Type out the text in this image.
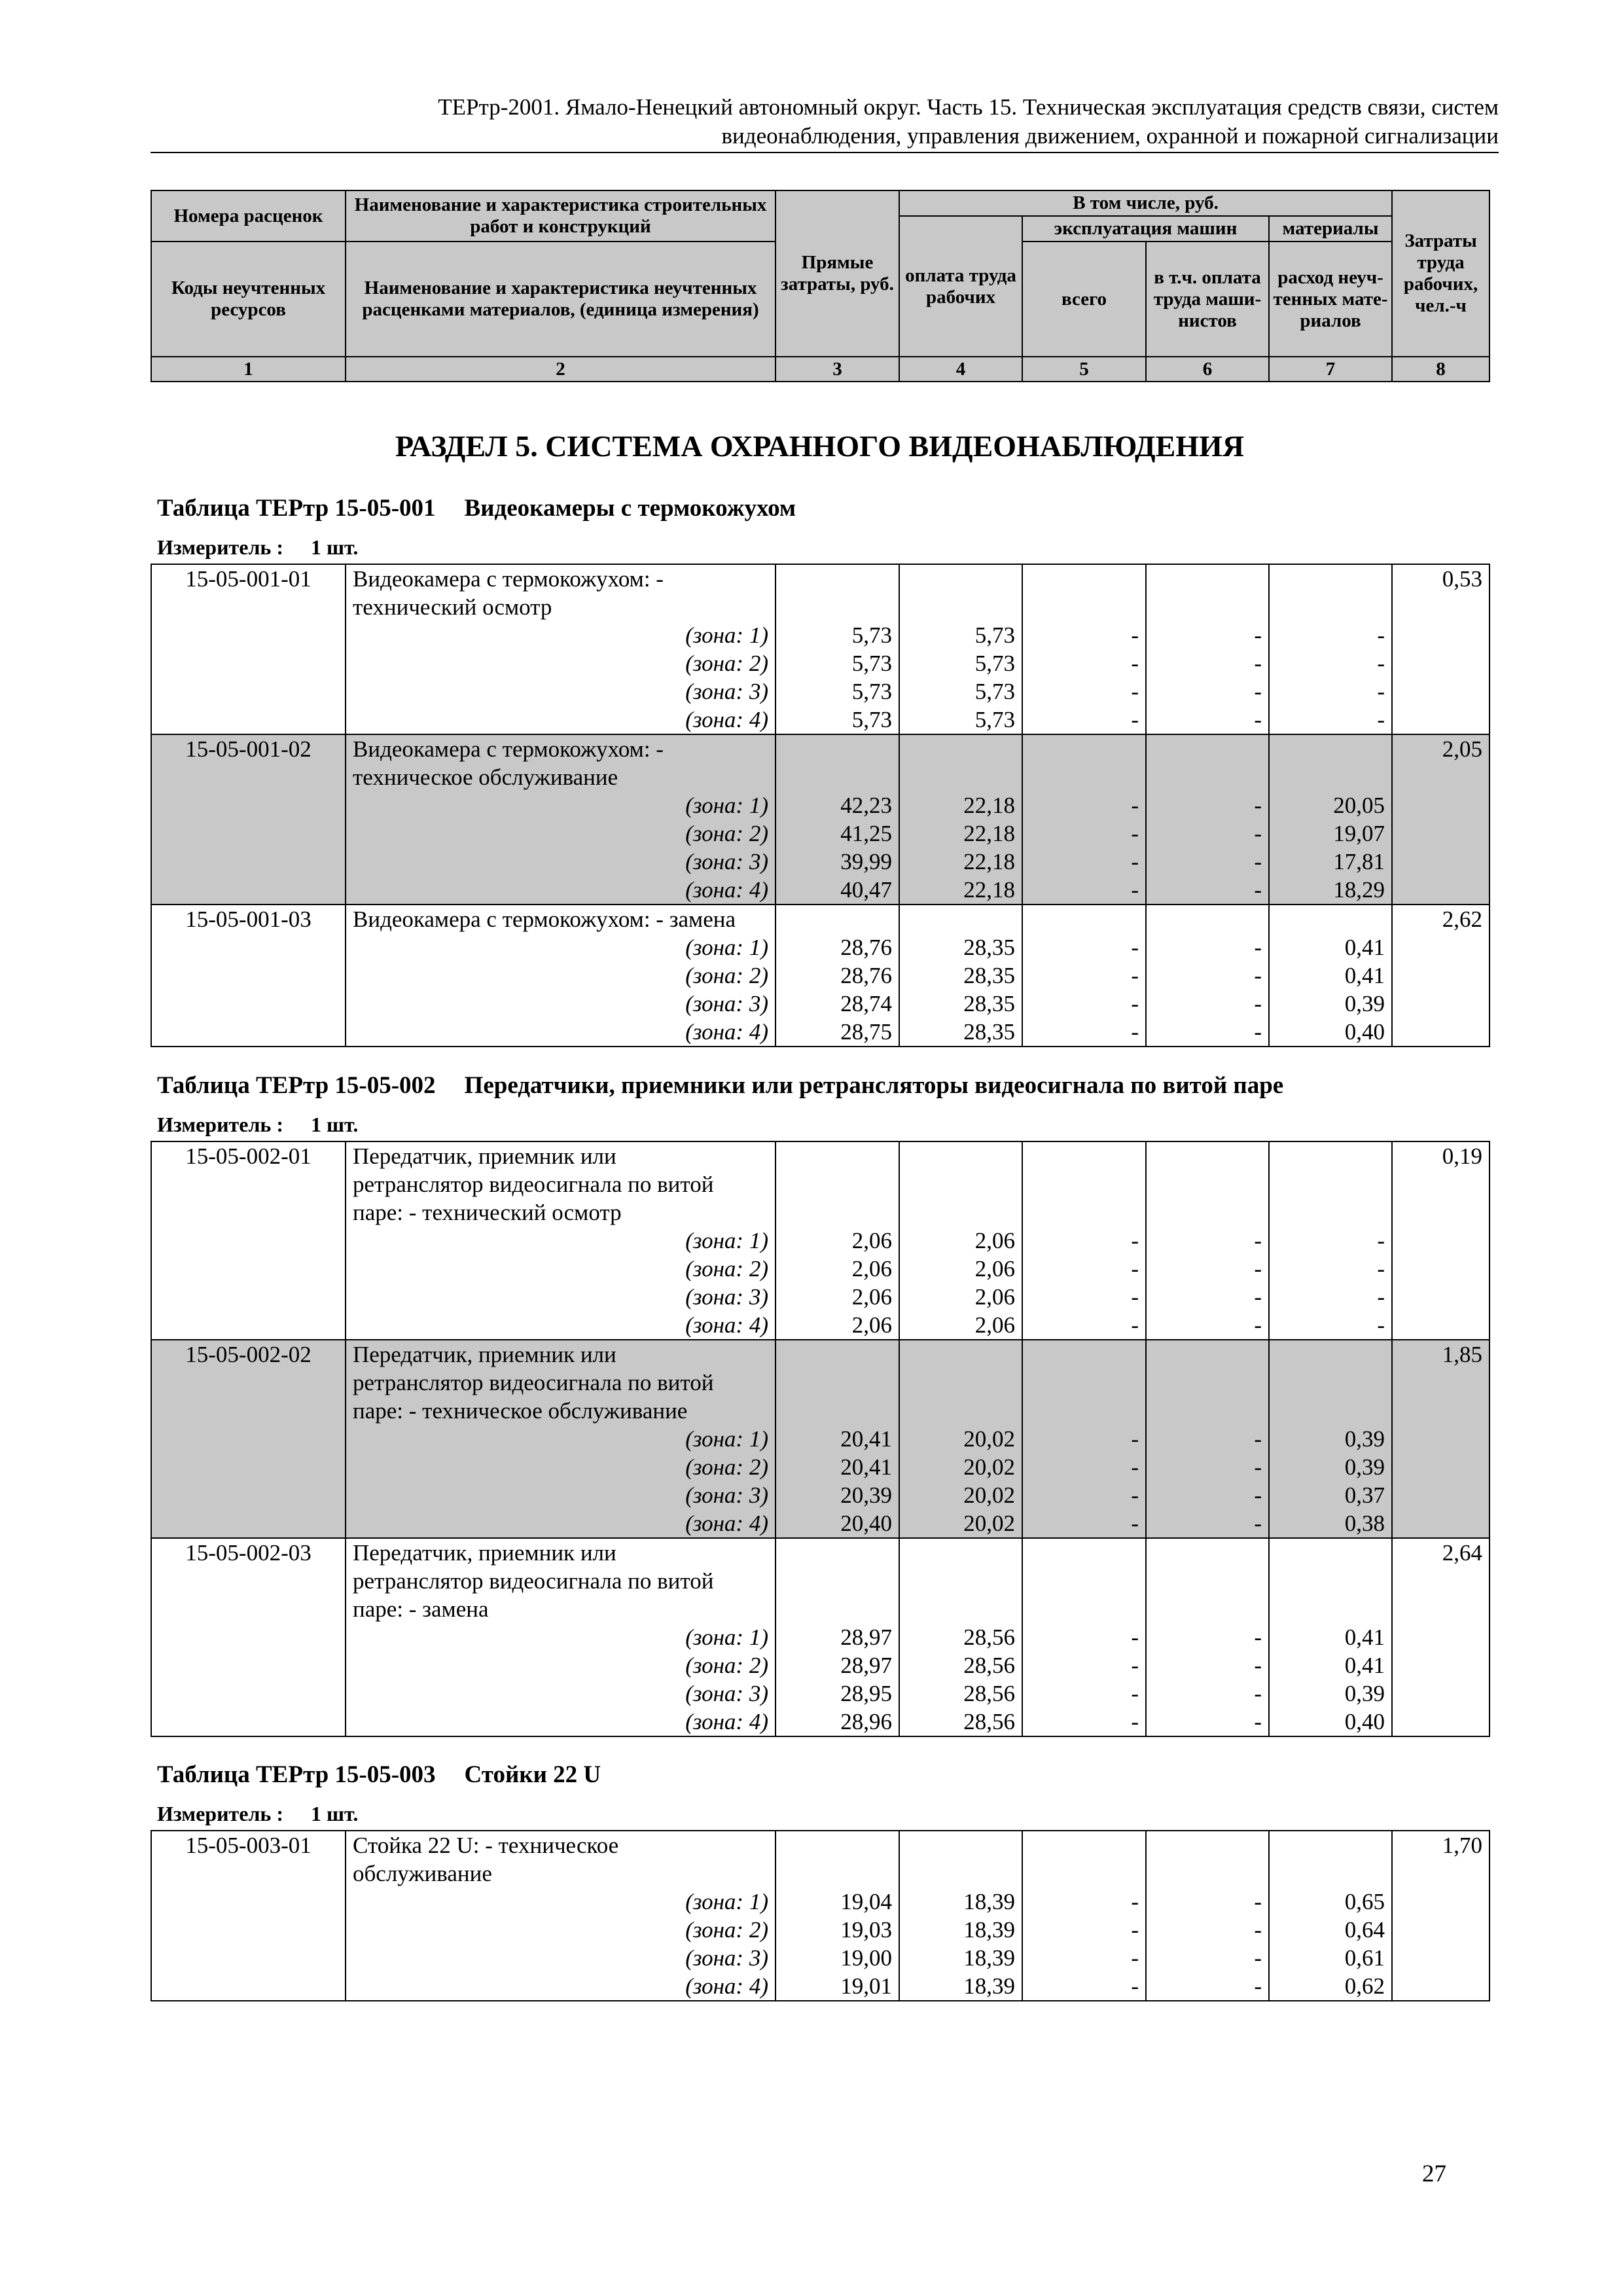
ТЕРтр-2001. Ямало-Ненецкий автономный округ. Часть 15. Техническая эксплуатация средств связи, систем
видеонаблюдения, управления движением, охранной и пожарной сигнализации
Номера расценок	Наименование и характеристика строительных работ и конструкций	Прямые затраты, руб.	В том числе, руб.				Затраты труда рабочих, чел.-ч
			оплата труда рабочих	эксплуатация машин		материалы	
Коды неучтенных ресурсов	Наименование и характеристика неучтенных расценками материалов, (единица измерения)			всего	в т.ч. оплата труда маши- нистов	расход неуч- тенных мате- риалов	

1	2	3	4	5	6	7	8
РАЗДЕЛ 5. СИСТЕМА ОХРАННОГО ВИДЕОНАБЛЮДЕНИЯ
Таблица ТЕРтр 15-05-001 Видеокамеры с термокожухом
Измеритель : 1 шт.
15-05-001-01	Видеокамера с термокожухом: -						0,53
	технический осмотр						
	(зона: 1)	5,73	5,73	-	-	-	
	(зона: 2)	5,73	5,73	-	-	-	
	(зона: 3)	5,73	5,73	-	-	-	
	(зона: 4)	5,73	5,73	-	-	-	
15-05-001-02	Видеокамера с термокожухом: -						2,05
	техническое обслуживание						
	(зона: 1)	42,23	22,18	-	-	20,05	
	(зона: 2)	41,25	22,18	-	-	19,07	
	(зона: 3)	39,99	22,18	-	-	17,81	
	(зона: 4)	40,47	22,18	-	-	18,29	
15-05-001-03	Видеокамера с термокожухом: - замена						2,62
	(зона: 1)	28,76	28,35	-	-	0,41	
	(зона: 2)	28,76	28,35	-	-	0,41	
	(зона: 3)	28,74	28,35	-	-	0,39	
	(зона: 4)	28,75	28,35	-	-	0,40	
Таблица ТЕРтр 15-05-002 Передатчики, приемники или ретрансляторы видеосигнала по витой паре
Измеритель : 1 шт.
15-05-002-01	Передатчик, приемник или						0,19
	ретранслятор видеосигнала по витой						
	паре: - технический осмотр						
	(зона: 1)	2,06	2,06	-	-	-	
	(зона: 2)	2,06	2,06	-	-	-	
	(зона: 3)	2,06	2,06	-	-	-	
	(зона: 4)	2,06	2,06	-	-	-	
15-05-002-02	Передатчик, приемник или						1,85
	ретранслятор видеосигнала по витой						
	паре: - техническое обслуживание						
	(зона: 1)	20,41	20,02	-	-	0,39	
	(зона: 2)	20,41	20,02	-	-	0,39	
	(зона: 3)	20,39	20,02	-	-	0,37	
	(зона: 4)	20,40	20,02	-	-	0,38	
15-05-002-03	Передатчик, приемник или						2,64
	ретранслятор видеосигнала по витой						
	паре: - замена						
	(зона: 1)	28,97	28,56	-	-	0,41	
	(зона: 2)	28,97	28,56	-	-	0,41	
	(зона: 3)	28,95	28,56	-	-	0,39	
	(зона: 4)	28,96	28,56	-	-	0,40	
Таблица ТЕРтр 15-05-003 Стойки 22 U
Измеритель : 1 шт.
15-05-003-01	Стойка 22 U: - техническое						1,70
	обслуживание						
	(зона: 1)	19,04	18,39	-	-	0,65	
	(зона: 2)	19,03	18,39	-	-	0,64	
	(зона: 3)	19,00	18,39	-	-	0,61	
	(зона: 4)	19,01	18,39	-	-	0,62	
27
